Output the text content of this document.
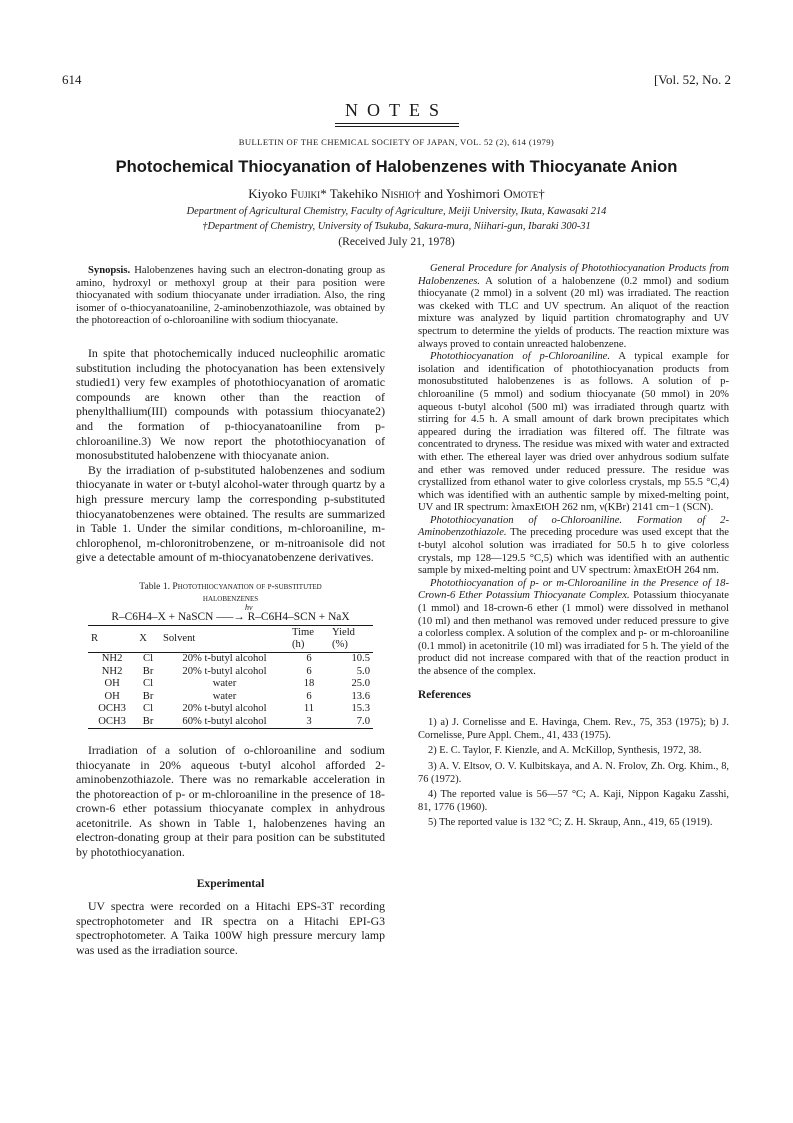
614	[Vol. 52, No. 2
NOTES
BULLETIN OF THE CHEMICAL SOCIETY OF JAPAN, VOL. 52 (2), 614 (1979)
Photochemical Thiocyanation of Halobenzenes with Thiocyanate Anion
Kiyoko Fujiki* Takehiko Nishio† and Yoshimori Omote†
Department of Agricultural Chemistry, Faculty of Agriculture, Meiji University, Ikuta, Kawasaki 214
†Department of Chemistry, University of Tsukuba, Sakura-mura, Niihari-gun, Ibaraki 300-31
(Received July 21, 1978)

Synopsis. Halobenzenes having such an electron-donating group as amino, hydroxyl or methoxyl group at their para position were thiocyanated with sodium thiocyanate under irradiation. Also, the ring isomer of o-thiocyanatoaniline, 2-aminobenzothiazole, was obtained by the photoreaction of o-chloroaniline with sodium thiocyanate.

In spite that photochemically induced nucleophilic aromatic substitution including the photocyanation has been extensively studied1) very few examples of photothiocyanation of aromatic compounds are known other than the reaction of phenylthallium(III) compounds with potassium thiocyanate2) and the formation of p-thiocyanatoaniline from p-chloroaniline.3) We now report the photothiocyanation of monosubstituted halobenzene with thiocyanate anion.

By the irradiation of p-substituted halobenzenes and sodium thiocyanate in water or t-butyl alcohol-water through quartz by a high pressure mercury lamp the corresponding p-substituted thiocyanatobenzenes were obtained. The results are summarized in Table 1. Under the similar conditions, m-chloroaniline, m-chlorophenol, m-chloronitrobenzene, or m-nitroanisole did not give a detectable amount of m-thiocyanatobenzene derivatives.

Table 1. Photothiocyanation of p-substituted
halobenzenes
hv
R–C6H4–X + NaSCN –––→ R–C6H4–SCN + NaX
R	X	Solvent	Time (h)	Yield (%)
NH2	Cl	20% t-butyl alcohol	6	10.5
NH2	Br	20% t-butyl alcohol	6	5.0
OH	Cl	water	18	25.0
OH	Br	water	6	13.6
OCH3	Cl	20% t-butyl alcohol	11	15.3
OCH3	Br	60% t-butyl alcohol	3	7.0

Irradiation of a solution of o-chloroaniline and sodium thiocyanate in 20% aqueous t-butyl alcohol afforded 2-aminobenzothiazole. There was no remarkable acceleration in the photoreaction of p- or m-chloroaniline in the presence of 18-crown-6 ether potassium thiocyanate complex in anhydrous acetonitrile. As shown in Table 1, halobenzenes having an electron-donating group at their para position can be substituted by photothiocyanation.

Experimental

UV spectra were recorded on a Hitachi EPS-3T recording spectrophotometer and IR spectra on a Hitachi EPI-G3 spectrophotometer. A Taika 100W high pressure mercury lamp was used as the irradiation source.

General Procedure for Analysis of Photothiocyanation Products from Halobenzenes. A solution of a halobenzene (0.2 mmol) and sodium thiocyanate (2 mmol) in a solvent (20 ml) was irradiated. The reaction was ckeked with TLC and UV spectrum. An aliquot of the reaction mixture was analyzed by liquid partition chromatography and UV spectrum to determine the yields of products. The reaction mixture was always proved to contain unreacted halobenzene.

Photothiocyanation of p-Chloroaniline. A typical example for isolation and identification of photothiocyanation products from monosubstituted halobenzenes is as follows. A solution of p-chloroaniline (5 mmol) and sodium thiocyanate (50 mmol) in 20% aqueous t-butyl alcohol (500 ml) was irradiated through quartz with stirring for 4.5 h. A small amount of dark brown precipitates which appeared during the irradiation was filtered off. The filtrate was concentrated to dryness. The residue was mixed with water and extracted with ether. The ethereal layer was dried over anhydrous sodium sulfate and ether was removed under reduced pressure. The residue was crystallized from ethanol water to give colorless crystals, mp 55.5 °C,4) which was identified with an authentic sample by mixed-melting point, UV and IR spectrum: λmaxEtOH 262 nm, ν(KBr) 2141 cm−1 (SCN).

Photothiocyanation of o-Chloroaniline. Formation of 2-Aminobenzothiazole. The preceding procedure was used except that the t-butyl alcohol solution was irradiated for 50.5 h to give colorless crystals, mp 128—129.5 °C,5) which was identified with an authentic sample by mixed-melting point and UV spectrum: λmaxEtOH 264 nm.

Photothiocyanation of p- or m-Chloroaniline in the Presence of 18-Crown-6 Ether Potassium Thiocyanate Complex. Potassium thiocyanate (1 mmol) and 18-crown-6 ether (1 mmol) were dissolved in methanol (10 ml) and then methanol was removed under reduced pressure to give a colorless complex. A solution of the complex and p- or m-chloroaniline (0.1 mmol) in acetonitrile (10 ml) was irradiated for 5 h. The yield of the product did not increase compared with that of the reaction product in the absence of the complex.

References

1) a) J. Cornelisse and E. Havinga, Chem. Rev., 75, 353 (1975); b) J. Cornelisse, Pure Appl. Chem., 41, 433 (1975).

2) E. C. Taylor, F. Kienzle, and A. McKillop, Synthesis, 1972, 38.

3) A. V. Eltsov, O. V. Kulbitskaya, and A. N. Frolov, Zh. Org. Khim., 8, 76 (1972).

4) The reported value is 56—57 °C; A. Kaji, Nippon Kagaku Zasshi, 81, 1776 (1960).

5) The reported value is 132 °C; Z. H. Skraup, Ann., 419, 65 (1919).
